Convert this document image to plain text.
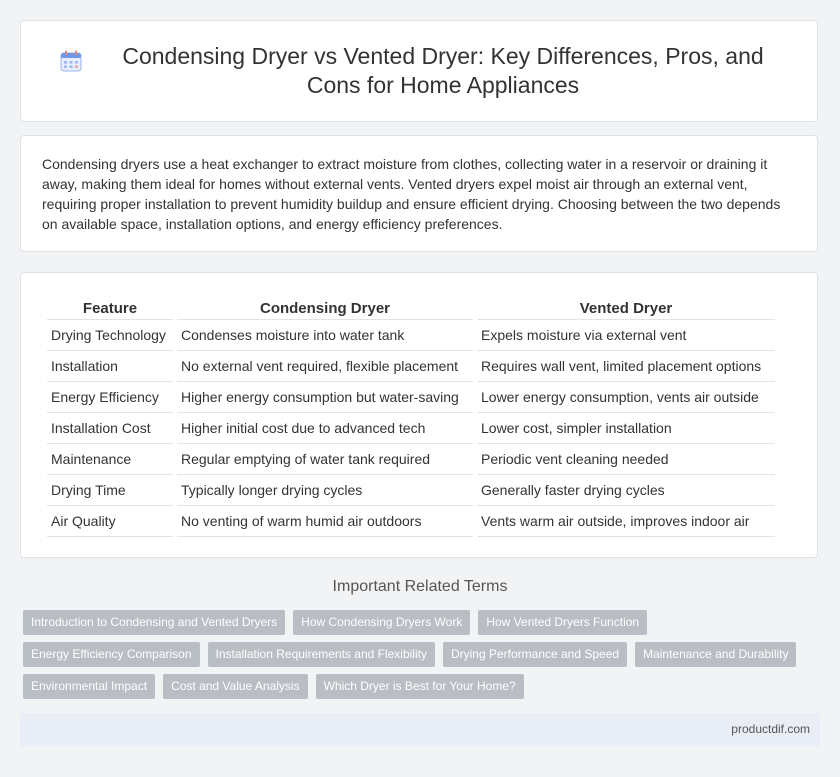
Condensing Dryer vs Vented Dryer: Key Differences, Pros, and Cons for Home Appliances

Condensing dryers use a heat exchanger to extract moisture from clothes, collecting water in a reservoir or draining it away, making them ideal for homes without external vents. Vented dryers expel moist air through an external vent, requiring proper installation to prevent humidity buildup and ensure efficient drying. Choosing between the two depends on available space, installation options, and energy efficiency preferences.

Feature	Condensing Dryer	Vented Dryer
Drying Technology	Condenses moisture into water tank	Expels moisture via external vent
Installation	No external vent required, flexible placement	Requires wall vent, limited placement options
Energy Efficiency	Higher energy consumption but water-saving	Lower energy consumption, vents air outside
Installation Cost	Higher initial cost due to advanced tech	Lower cost, simpler installation
Maintenance	Regular emptying of water tank required	Periodic vent cleaning needed
Drying Time	Typically longer drying cycles	Generally faster drying cycles
Air Quality	No venting of warm humid air outdoors	Vents warm air outside, improves indoor air
Important Related Terms
Introduction to Condensing and Vented Dryers	How Condensing Dryers Work	How Vented Dryers Function
Energy Efficiency Comparison	Installation Requirements and Flexibility	Drying Performance and Speed	Maintenance and Durability
Environmental Impact	Cost and Value Analysis	Which Dryer is Best for Your Home?
productdif.com
